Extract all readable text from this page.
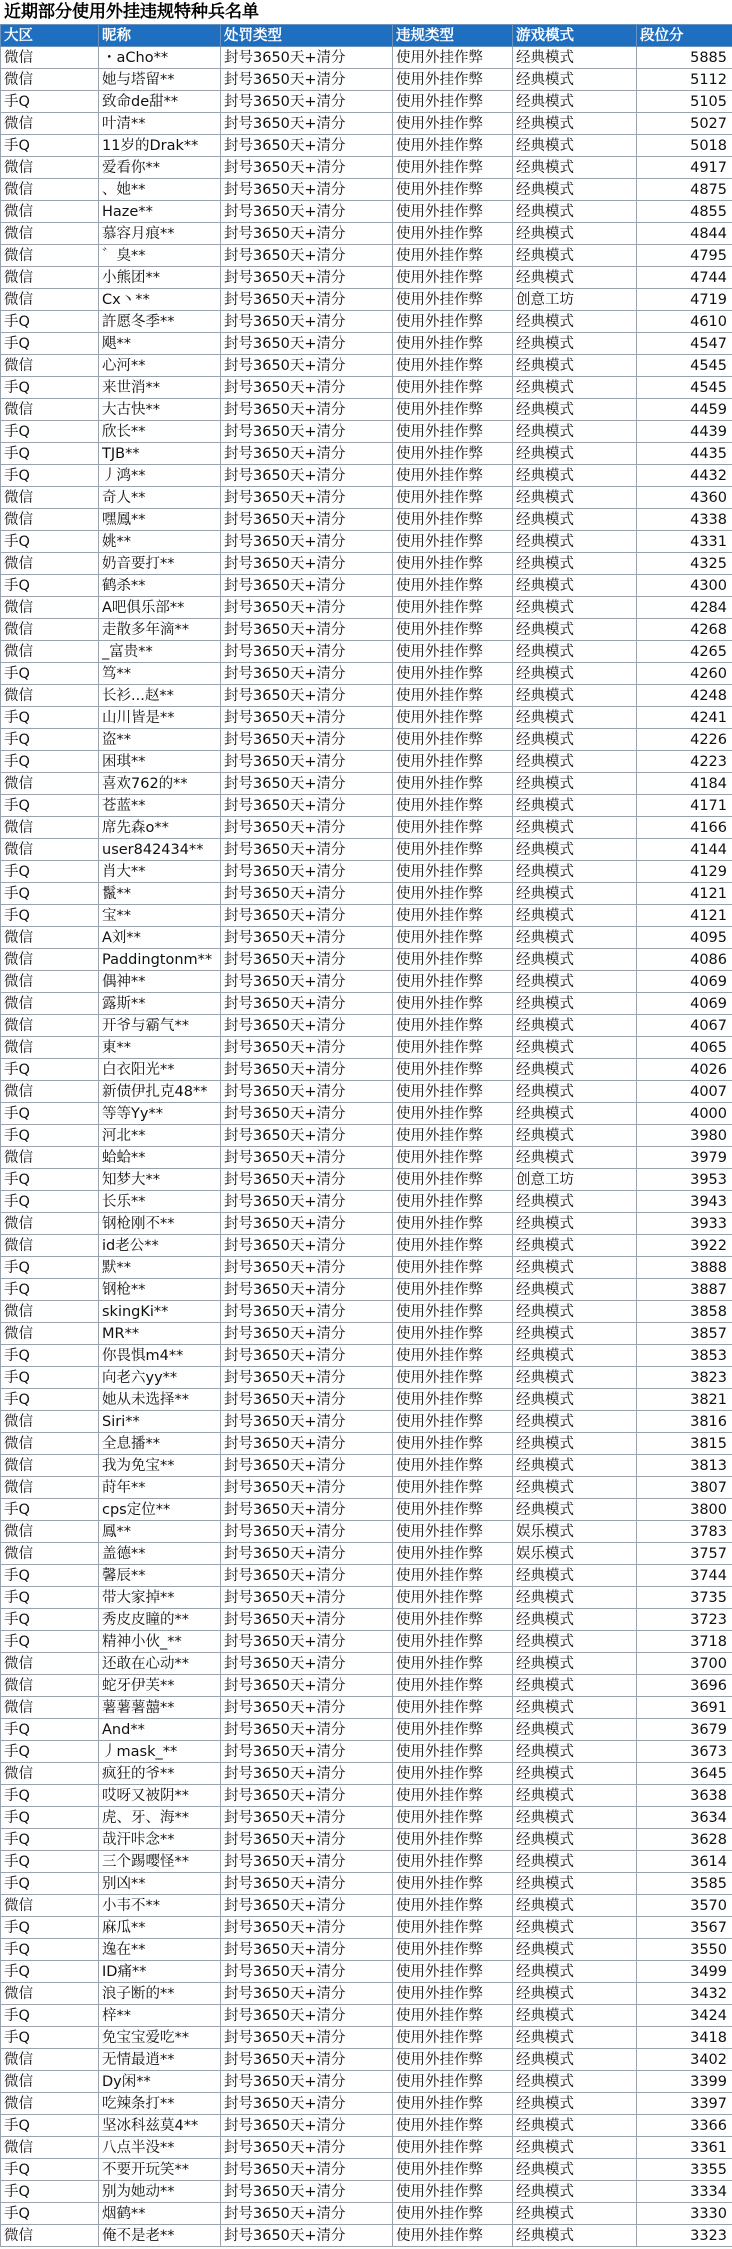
近期部分使用外挂违规特种兵名单
大区	昵称	处罚类型	违规类型	游戏模式	段位分
微信	・aCho**	封号3650天+清分	使用外挂作弊	经典模式	5885
微信	她与塔留**	封号3650天+清分	使用外挂作弊	经典模式	5112
手Q	致命de甜**	封号3650天+清分	使用外挂作弊	经典模式	5105
微信	叶清**	封号3650天+清分	使用外挂作弊	经典模式	5027
手Q	11岁的Drak**	封号3650天+清分	使用外挂作弊	经典模式	5018
微信	爱看你**	封号3650天+清分	使用外挂作弊	经典模式	4917
微信	、她**	封号3650天+清分	使用外挂作弊	经典模式	4875
微信	Haze**	封号3650天+清分	使用外挂作弊	经典模式	4855
微信	慕容月痕**	封号3650天+清分	使用外挂作弊	经典模式	4844
微信	゛臭**	封号3650天+清分	使用外挂作弊	经典模式	4795
微信	小熊团**	封号3650天+清分	使用外挂作弊	经典模式	4744
微信	Cx丶**	封号3650天+清分	使用外挂作弊	创意工坊	4719
手Q	許愿冬季**	封号3650天+清分	使用外挂作弊	经典模式	4610
手Q	飓**	封号3650天+清分	使用外挂作弊	经典模式	4547
微信	心河**	封号3650天+清分	使用外挂作弊	经典模式	4545
手Q	来世消**	封号3650天+清分	使用外挂作弊	经典模式	4545
微信	大古快**	封号3650天+清分	使用外挂作弊	经典模式	4459
手Q	欣长**	封号3650天+清分	使用外挂作弊	经典模式	4439
手Q	TJB**	封号3650天+清分	使用外挂作弊	经典模式	4435
手Q	丿鸿**	封号3650天+清分	使用外挂作弊	经典模式	4432
微信	奇人**	封号3650天+清分	使用外挂作弊	经典模式	4360
微信	嘿鳳**	封号3650天+清分	使用外挂作弊	经典模式	4338
手Q	姚**	封号3650天+清分	使用外挂作弊	经典模式	4331
微信	奶音要打**	封号3650天+清分	使用外挂作弊	经典模式	4325
手Q	鹤杀**	封号3650天+清分	使用外挂作弊	经典模式	4300
微信	A吧俱乐部**	封号3650天+清分	使用外挂作弊	经典模式	4284
微信	走散多年滴**	封号3650天+清分	使用外挂作弊	经典模式	4268
微信	_富贵**	封号3650天+清分	使用外挂作弊	经典模式	4265
手Q	笃**	封号3650天+清分	使用外挂作弊	经典模式	4260
微信	长衫...赵**	封号3650天+清分	使用外挂作弊	经典模式	4248
手Q	山川皆是**	封号3650天+清分	使用外挂作弊	经典模式	4241
手Q	盗**	封号3650天+清分	使用外挂作弊	经典模式	4226
手Q	困琪**	封号3650天+清分	使用外挂作弊	经典模式	4223
微信	喜欢762的**	封号3650天+清分	使用外挂作弊	经典模式	4184
手Q	苍蓝**	封号3650天+清分	使用外挂作弊	经典模式	4171
微信	席先森o**	封号3650天+清分	使用外挂作弊	经典模式	4166
微信	user842434**	封号3650天+清分	使用外挂作弊	经典模式	4144
手Q	肖大**	封号3650天+清分	使用外挂作弊	经典模式	4129
手Q	鬣**	封号3650天+清分	使用外挂作弊	经典模式	4121
手Q	宝**	封号3650天+清分	使用外挂作弊	经典模式	4121
微信	A刘**	封号3650天+清分	使用外挂作弊	经典模式	4095
微信	Paddingtonm**	封号3650天+清分	使用外挂作弊	经典模式	4086
微信	偶神**	封号3650天+清分	使用外挂作弊	经典模式	4069
微信	露斯**	封号3650天+清分	使用外挂作弊	经典模式	4069
微信	开爷与霸气**	封号3650天+清分	使用外挂作弊	经典模式	4067
微信	東**	封号3650天+清分	使用外挂作弊	经典模式	4065
手Q	白衣阳光**	封号3650天+清分	使用外挂作弊	经典模式	4026
微信	新债伊扎克48**	封号3650天+清分	使用外挂作弊	经典模式	4007
手Q	等等Yy**	封号3650天+清分	使用外挂作弊	经典模式	4000
手Q	河北**	封号3650天+清分	使用外挂作弊	经典模式	3980
微信	蛤蛤**	封号3650天+清分	使用外挂作弊	经典模式	3979
手Q	知梦大**	封号3650天+清分	使用外挂作弊	创意工坊	3953
手Q	长乐**	封号3650天+清分	使用外挂作弊	经典模式	3943
微信	钢枪刚不**	封号3650天+清分	使用外挂作弊	经典模式	3933
微信	id老公**	封号3650天+清分	使用外挂作弊	经典模式	3922
手Q	默**	封号3650天+清分	使用外挂作弊	经典模式	3888
手Q	钢枪**	封号3650天+清分	使用外挂作弊	经典模式	3887
微信	skingKi**	封号3650天+清分	使用外挂作弊	经典模式	3858
微信	MR**	封号3650天+清分	使用外挂作弊	经典模式	3857
手Q	你畏惧m4**	封号3650天+清分	使用外挂作弊	经典模式	3853
手Q	向老六yy**	封号3650天+清分	使用外挂作弊	经典模式	3823
手Q	她从未选择**	封号3650天+清分	使用外挂作弊	经典模式	3821
微信	Siri**	封号3650天+清分	使用外挂作弊	经典模式	3816
微信	全息播**	封号3650天+清分	使用外挂作弊	经典模式	3815
微信	我为免宝**	封号3650天+清分	使用外挂作弊	经典模式	3813
微信	莳年**	封号3650天+清分	使用外挂作弊	经典模式	3807
手Q	cps定位**	封号3650天+清分	使用外挂作弊	经典模式	3800
微信	鳳**	封号3650天+清分	使用外挂作弊	娱乐模式	3783
微信	盖德**	封号3650天+清分	使用外挂作弊	娱乐模式	3757
手Q	馨辰**	封号3650天+清分	使用外挂作弊	经典模式	3744
手Q	带大家掉**	封号3650天+清分	使用外挂作弊	经典模式	3735
手Q	秀皮皮瞳的**	封号3650天+清分	使用外挂作弊	经典模式	3723
手Q	精神小伙_**	封号3650天+清分	使用外挂作弊	经典模式	3718
微信	还敢在心动**	封号3650天+清分	使用外挂作弊	经典模式	3700
微信	蛇牙伊芙**	封号3650天+清分	使用外挂作弊	经典模式	3696
微信	薯薯薯囍**	封号3650天+清分	使用外挂作弊	经典模式	3691
手Q	And**	封号3650天+清分	使用外挂作弊	经典模式	3679
手Q	丿mask_**	封号3650天+清分	使用外挂作弊	经典模式	3673
微信	疯狂的爷**	封号3650天+清分	使用外挂作弊	经典模式	3645
手Q	哎呀又被阴**	封号3650天+清分	使用外挂作弊	经典模式	3638
手Q	虎、牙、海**	封号3650天+清分	使用外挂作弊	经典模式	3634
手Q	哉汗咔念**	封号3650天+清分	使用外挂作弊	经典模式	3628
手Q	三个踢嘤怪**	封号3650天+清分	使用外挂作弊	经典模式	3614
手Q	别凶**	封号3650天+清分	使用外挂作弊	经典模式	3585
微信	小韦不**	封号3650天+清分	使用外挂作弊	经典模式	3570
手Q	麻瓜**	封号3650天+清分	使用外挂作弊	经典模式	3567
手Q	逸在**	封号3650天+清分	使用外挂作弊	经典模式	3550
手Q	ID痛**	封号3650天+清分	使用外挂作弊	经典模式	3499
微信	浪子断的**	封号3650天+清分	使用外挂作弊	经典模式	3432
手Q	梓**	封号3650天+清分	使用外挂作弊	经典模式	3424
手Q	免宝宝爱吃**	封号3650天+清分	使用外挂作弊	经典模式	3418
微信	无情最逍**	封号3650天+清分	使用外挂作弊	经典模式	3402
微信	Dy闲**	封号3650天+清分	使用外挂作弊	经典模式	3399
微信	吃辣条打**	封号3650天+清分	使用外挂作弊	经典模式	3397
手Q	坚冰科兹莫4**	封号3650天+清分	使用外挂作弊	经典模式	3366
微信	八点半没**	封号3650天+清分	使用外挂作弊	经典模式	3361
手Q	不要开玩笑**	封号3650天+清分	使用外挂作弊	经典模式	3355
手Q	别为她动**	封号3650天+清分	使用外挂作弊	经典模式	3334
手Q	烟鹤**	封号3650天+清分	使用外挂作弊	经典模式	3330
微信	俺不是老**	封号3650天+清分	使用外挂作弊	经典模式	3323
